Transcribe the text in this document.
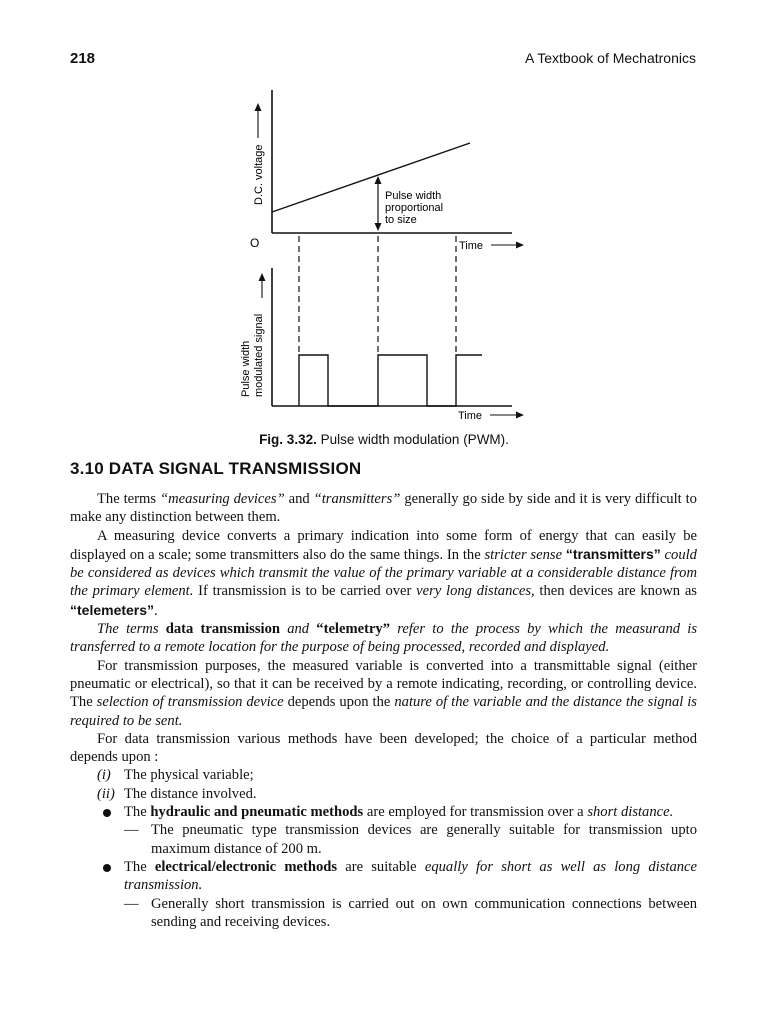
218	A Textbook of Mechatronics
Pulse width
proportional
to size
D.C. voltage
O	Time
Pulse width modulated signal
Time
Fig. 3.32. Pulse width modulation (PWM).
3.10 DATA SIGNAL TRANSMISSION

The terms “measuring devices” and “transmitters” generally go side by side and it is very difficult to make any distinction between them.

A measuring device converts a primary indication into some form of energy that can easily be displayed on a scale; some transmitters also do the same things. In the stricter sense “transmitters” could be considered as devices which transmit the value of the primary variable at a considerable distance from the primary element. If transmission is to be carried over very long distances, then devices are known as “telemeters”.

The terms data transmission and “telemetry” refer to the process by which the measurand is transferred to a remote location for the purpose of being processed, recorded and displayed.

For transmission purposes, the measured variable is converted into a transmittable signal (either pneumatic or electrical), so that it can be received by a remote indicating, recording, or controlling device. The selection of transmission device depends upon the nature of the variable and the distance the signal is required to be sent.

For data transmission various methods have been developed; the choice of a particular method depends upon :

(i) The physical variable;
(ii) The distance involved.
The hydraulic and pneumatic methods are employed for transmission over a short distance.
— The pneumatic type transmission devices are generally suitable for transmission upto maximum distance of 200 m.
The electrical/electronic methods are suitable equally for short as well as long distance transmission.
— Generally short transmission is carried out on own communication connections between sending and receiving devices.
